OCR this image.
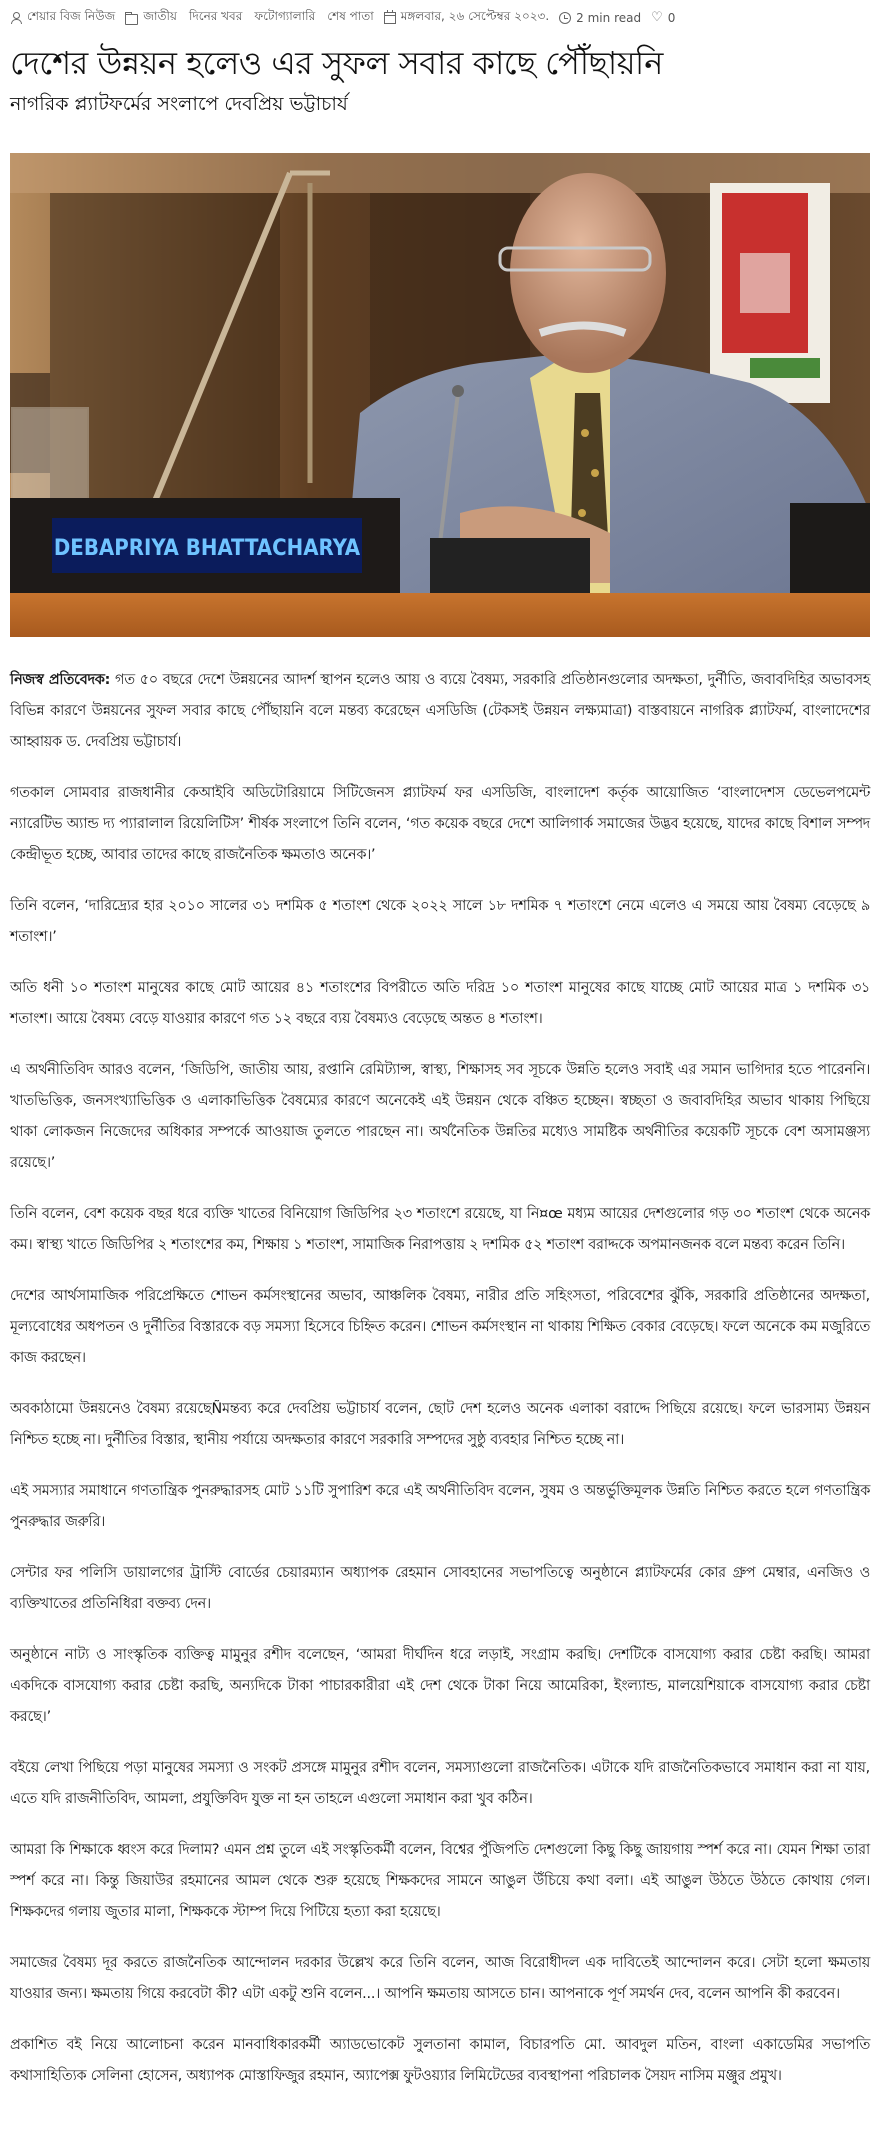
শেয়ার বিজ নিউজ জাতীয় দিনের খবর ফটোগ্যালারি শেষ পাতা মঙ্গলবার, ২৬ সেপ্টেম্বর ২০২৩. 2 min read ♡ 0
দেশের উন্নয়ন হলেও এর সুফল সবার কাছে পৌঁছায়নি
নাগরিক প্ল্যাটফর্মের সংলাপে দেবপ্রিয় ভট্টাচার্য
DEBAPRIYA BHATTACHARYA

নিজস্ব প্রতিবেদক: গত ৫০ বছরে দেশে উন্নয়নের আদর্শ স্থাপন হলেও আয় ও ব্যয়ে বৈষম্য, সরকারি প্রতিষ্ঠানগুলোর অদক্ষতা, দুর্নীতি, জবাবদিহির অভাবসহ বিভিন্ন কারণে উন্নয়নের সুফল সবার কাছে পৌঁছায়নি বলে মন্তব্য করেছেন এসডিজি (টেকসই উন্নয়ন লক্ষ্যমাত্রা) বাস্তবায়নে নাগরিক প্ল্যাটফর্ম, বাংলাদেশের আহ্বায়ক ড. দেবপ্রিয় ভট্টাচার্য।

গতকাল সোমবার রাজধানীর কেআইবি অডিটোরিয়ামে সিটিজেনস প্ল্যাটফর্ম ফর এসডিজি, বাংলাদেশ কর্তৃক আয়োজিত ‘বাংলাদেশস ডেভেলপমেন্ট ন্যারেটিভ অ্যান্ড দ্য প্যারালাল রিয়েলিটিস’ শীর্ষক সংলাপে তিনি বলেন, ‘গত কয়েক বছরে দেশে আলিগার্ক সমাজের উদ্ভব হয়েছে, যাদের কাছে বিশাল সম্পদ কেন্দ্রীভূত হচ্ছে, আবার তাদের কাছে রাজনৈতিক ক্ষমতাও অনেক।’

তিনি বলেন, ‘দারিদ্র্যের হার ২০১০ সালের ৩১ দশমিক ৫ শতাংশ থেকে ২০২২ সালে ১৮ দশমিক ৭ শতাংশে নেমে এলেও এ সময়ে আয় বৈষম্য বেড়েছে ৯ শতাংশ।’

অতি ধনী ১০ শতাংশ মানুষের কাছে মোট আয়ের ৪১ শতাংশের বিপরীতে অতি দরিদ্র ১০ শতাংশ মানুষের কাছে যাচ্ছে মোট আয়ের মাত্র ১ দশমিক ৩১ শতাংশ। আয়ে বৈষম্য বেড়ে যাওয়ার কারণে গত ১২ বছরে ব্যয় বৈষম্যও বেড়েছে অন্তত ৪ শতাংশ।

এ অর্থনীতিবিদ আরও বলেন, ‘জিডিপি, জাতীয় আয়, রপ্তানি রেমিট্যান্স, স্বাস্থ্য, শিক্ষাসহ সব সূচকে উন্নতি হলেও সবাই এর সমান ভাগিদার হতে পারেননি। খাতভিত্তিক, জনসংখ্যাভিত্তিক ও এলাকাভিত্তিক বৈষম্যের কারণে অনেকেই এই উন্নয়ন থেকে বঞ্চিত হচ্ছেন। স্বচ্ছতা ও জবাবদিহির অভাব থাকায় পিছিয়ে থাকা লোকজন নিজেদের অধিকার সম্পর্কে আওয়াজ তুলতে পারছেন না। অর্থনৈতিক উন্নতির মধ্যেও সামষ্টিক অর্থনীতির কয়েকটি সূচকে বেশ অসামঞ্জস্য রয়েছে।’

তিনি বলেন, বেশ কয়েক বছর ধরে ব্যক্তি খাতের বিনিয়োগ জিডিপির ২৩ শতাংশে রয়েছে, যা নি¤œ মধ্যম আয়ের দেশগুলোর গড় ৩০ শতাংশ থেকে অনেক কম। স্বাস্থ্য খাতে জিডিপির ২ শতাংশের কম, শিক্ষায় ১ শতাংশ, সামাজিক নিরাপত্তায় ২ দশমিক ৫২ শতাংশ বরাদ্দকে অপমানজনক বলে মন্তব্য করেন তিনি।

দেশের আর্থসামাজিক পরিপ্রেক্ষিতে শোভন কর্মসংস্থানের অভাব, আঞ্চলিক বৈষম্য, নারীর প্রতি সহিংসতা, পরিবেশের ঝুঁকি, সরকারি প্রতিষ্ঠানের অদক্ষতা, মূল্যবোধের অধপতন ও দুর্নীতির বিস্তারকে বড় সমস্যা হিসেবে চিহ্নিত করেন। শোভন কর্মসংস্থান না থাকায় শিক্ষিত বেকার বেড়েছে। ফলে অনেকে কম মজুরিতে কাজ করছেন।

অবকাঠামো উন্নয়নেও বৈষম্য রয়েছেÑমন্তব্য করে দেবপ্রিয় ভট্টাচার্য বলেন, ছোট দেশ হলেও অনেক এলাকা বরাদ্দে পিছিয়ে রয়েছে। ফলে ভারসাম্য উন্নয়ন নিশ্চিত হচ্ছে না। দুর্নীতির বিস্তার, স্থানীয় পর্যায়ে অদক্ষতার কারণে সরকারি সম্পদের সুষ্ঠু ব্যবহার নিশ্চিত হচ্ছে না।

এই সমস্যার সমাধানে গণতান্ত্রিক পুনরুদ্ধারসহ মোট ১১টি সুপারিশ করে এই অর্থনীতিবিদ বলেন, সুষম ও অন্তর্ভুক্তিমূলক উন্নতি নিশ্চিত করতে হলে গণতান্ত্রিক পুনরুদ্ধার জরুরি।

সেন্টার ফর পলিসি ডায়ালগের ট্রাস্টি বোর্ডের চেয়ারম্যান অধ্যাপক রেহমান সোবহানের সভাপতিত্বে অনুষ্ঠানে প্ল্যাটফর্মের কোর গ্রুপ মেম্বার, এনজিও ও ব্যক্তিখাতের প্রতিনিধিরা বক্তব্য দেন।

অনুষ্ঠানে নাট্য ও সাংস্কৃতিক ব্যক্তিত্ব মামুনুর রশীদ বলেছেন, ‘আমরা দীর্ঘদিন ধরে লড়াই, সংগ্রাম করছি। দেশটিকে বাসযোগ্য করার চেষ্টা করছি। আমরা একদিকে বাসযোগ্য করার চেষ্টা করছি, অন্যদিকে টাকা পাচারকারীরা এই দেশ থেকে টাকা নিয়ে আমেরিকা, ইংল্যান্ড, মালয়েশিয়াকে বাসযোগ্য করার চেষ্টা করছে।’

বইয়ে লেখা পিছিয়ে পড়া মানুষের সমস্যা ও সংকট প্রসঙ্গে মামুনুর রশীদ বলেন, সমস্যাগুলো রাজনৈতিক। এটাকে যদি রাজনৈতিকভাবে সমাধান করা না যায়, এতে যদি রাজনীতিবিদ, আমলা, প্রযুক্তিবিদ যুক্ত না হন তাহলে এগুলো সমাধান করা খুব কঠিন।

আমরা কি শিক্ষাকে ধ্বংস করে দিলাম? এমন প্রশ্ন তুলে এই সংস্কৃতিকর্মী বলেন, বিশ্বের পুঁজিপতি দেশগুলো কিছু কিছু জায়গায় স্পর্শ করে না। যেমন শিক্ষা তারা স্পর্শ করে না। কিন্তু জিয়াউর রহমানের আমল থেকে শুরু হয়েছে শিক্ষকদের সামনে আঙুল উঁচিয়ে কথা বলা। এই আঙুল উঠতে উঠতে কোথায় গেল। শিক্ষকদের গলায় জুতার মালা, শিক্ষককে স্টাম্প দিয়ে পিটিয়ে হত্যা করা হয়েছে।

সমাজের বৈষম্য দূর করতে রাজনৈতিক আন্দোলন দরকার উল্লেখ করে তিনি বলেন, আজ বিরোধীদল এক দাবিতেই আন্দোলন করে। সেটা হলো ক্ষমতায় যাওয়ার জন্য। ক্ষমতায় গিয়ে করবেটা কী? এটা একটু শুনি বলেন...। আপনি ক্ষমতায় আসতে চান। আপনাকে পূর্ণ সমর্থন দেব, বলেন আপনি কী করবেন।

প্রকাশিত বই নিয়ে আলোচনা করেন মানবাধিকারকর্মী অ্যাডভোকেট সুলতানা কামাল, বিচারপতি মো. আবদুল মতিন, বাংলা একাডেমির সভাপতি কথাসাহিত্যিক সেলিনা হোসেন, অধ্যাপক মোস্তাফিজুর রহমান, অ্যাপেক্স ফুটওয়্যার লিমিটেডের ব্যবস্থাপনা পরিচালক সৈয়দ নাসিম মঞ্জুর প্রমুখ।
